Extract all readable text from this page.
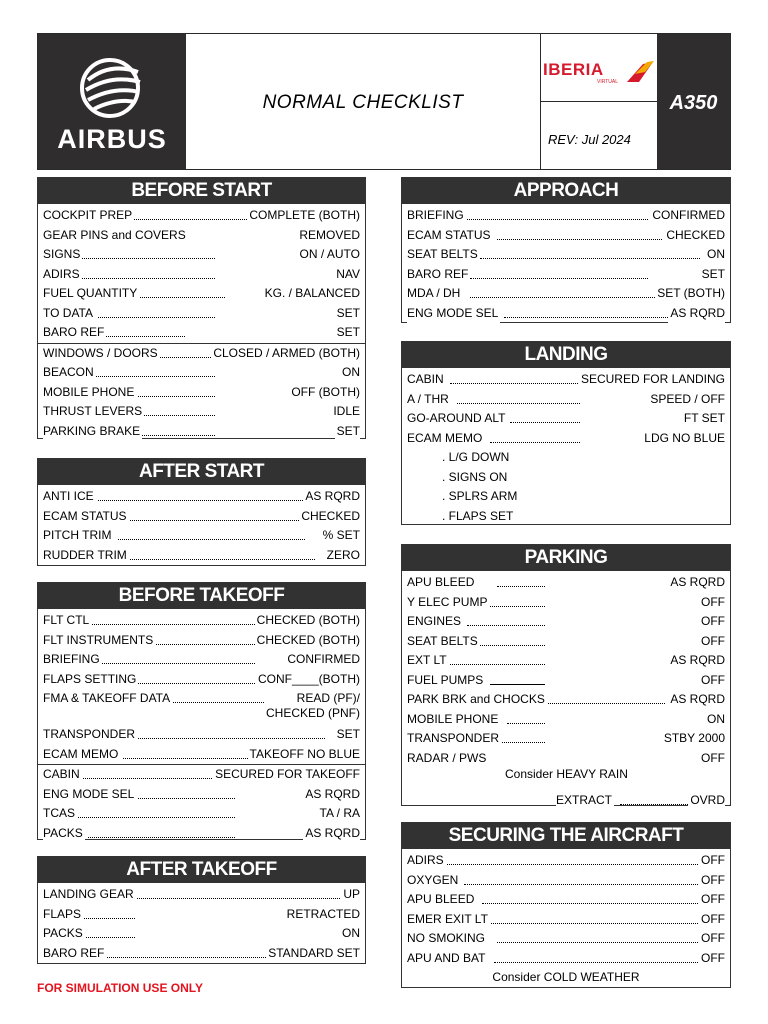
AIRBUS
NORMAL CHECKLIST
IBERIA
VIRTUAL
REV: Jul 2024
A350
BEFORE START
COCKPIT PREP	COMPLETE (BOTH)
GEAR PINS and COVERS	REMOVED
SIGNS	ON / AUTO
ADIRS	NAV
FUEL QUANTITY	KG. / BALANCED
TO DATA	SET
BARO REF	SET
WINDOWS / DOORS	CLOSED / ARMED (BOTH)
BEACON	ON
MOBILE PHONE	OFF (BOTH)
THRUST LEVERS	IDLE
PARKING BRAKE	SET
AFTER START
ANTI ICE	AS RQRD
ECAM STATUS	CHECKED
PITCH TRIM	% SET
RUDDER TRIM	ZERO
BEFORE TAKEOFF
FLT CTL	CHECKED (BOTH)
FLT INSTRUMENTS	CHECKED (BOTH)
BRIEFING	CONFIRMED
FLAPS SETTING	CONF____(BOTH)
FMA & TAKEOFF DATA	READ (PF)/
CHECKED (PNF)
TRANSPONDER	SET
ECAM MEMO	TAKEOFF NO BLUE
CABIN	SECURED FOR TAKEOFF
ENG MODE SEL	AS RQRD
TCAS	TA / RA
PACKS	AS RQRD
AFTER TAKEOFF
LANDING GEAR	UP
FLAPS	RETRACTED
PACKS	ON
BARO REF	STANDARD SET
APPROACH
BRIEFING	CONFIRMED
ECAM STATUS	CHECKED
SEAT BELTS	ON
BARO REF	SET
MDA / DH	SET (BOTH)
ENG MODE SEL	AS RQRD
LANDING
CABIN	SECURED FOR LANDING
A / THR	SPEED / OFF
GO-AROUND ALT	FT SET
ECAM MEMO	LDG NO BLUE
. L/G DOWN
. SIGNS ON
. SPLRS ARM
. FLAPS SET
PARKING
APU BLEED	AS RQRD
Y ELEC PUMP	OFF
ENGINES	OFF
SEAT BELTS	OFF
EXT LT	AS RQRD
FUEL PUMPS	OFF
PARK BRK and CHOCKS	AS RQRD
MOBILE PHONE	ON
TRANSPONDER	STBY 2000
RADAR / PWS	OFF
Consider HEAVY RAIN
EXTRACT	OVRD
SECURING THE AIRCRAFT
ADIRS	OFF
OXYGEN	OFF
APU BLEED	OFF
EMER EXIT LT	OFF
NO SMOKING	OFF
APU AND BAT	OFF
Consider COLD WEATHER
FOR SIMULATION USE ONLY
